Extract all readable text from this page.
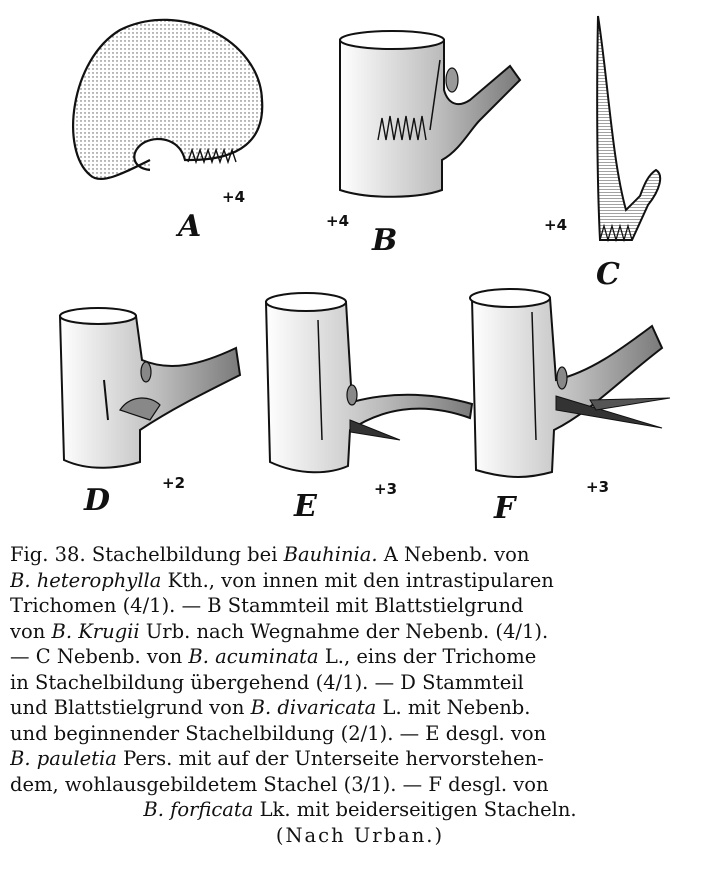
A
+4
B
+4
C
+4
D	+2
E	+3
F
+3
Fig. 38. Stachelbildung bei Bauhinia. A Nebenb. von
B. heterophylla Kth., von innen mit den intrastipularen
Trichomen (4/1). — B Stammteil mit Blattstielgrund
von B. Krugii Urb. nach Wegnahme der Nebenb. (4/1).
— C Nebenb. von B. acuminata L., eins der Trichome
in Stachelbildung übergehend (4/1). — D Stammteil
und Blattstielgrund von B. divaricata L. mit Nebenb.
und beginnender Stachelbildung (2/1). — E desgl. von
B. pauletia Pers. mit auf der Unterseite hervorstehen-
dem, wohlausgebildetem Stachel (3/1). — F desgl. von
B. forficata Lk. mit beiderseitigen Stacheln.
(Nach Urban.)
